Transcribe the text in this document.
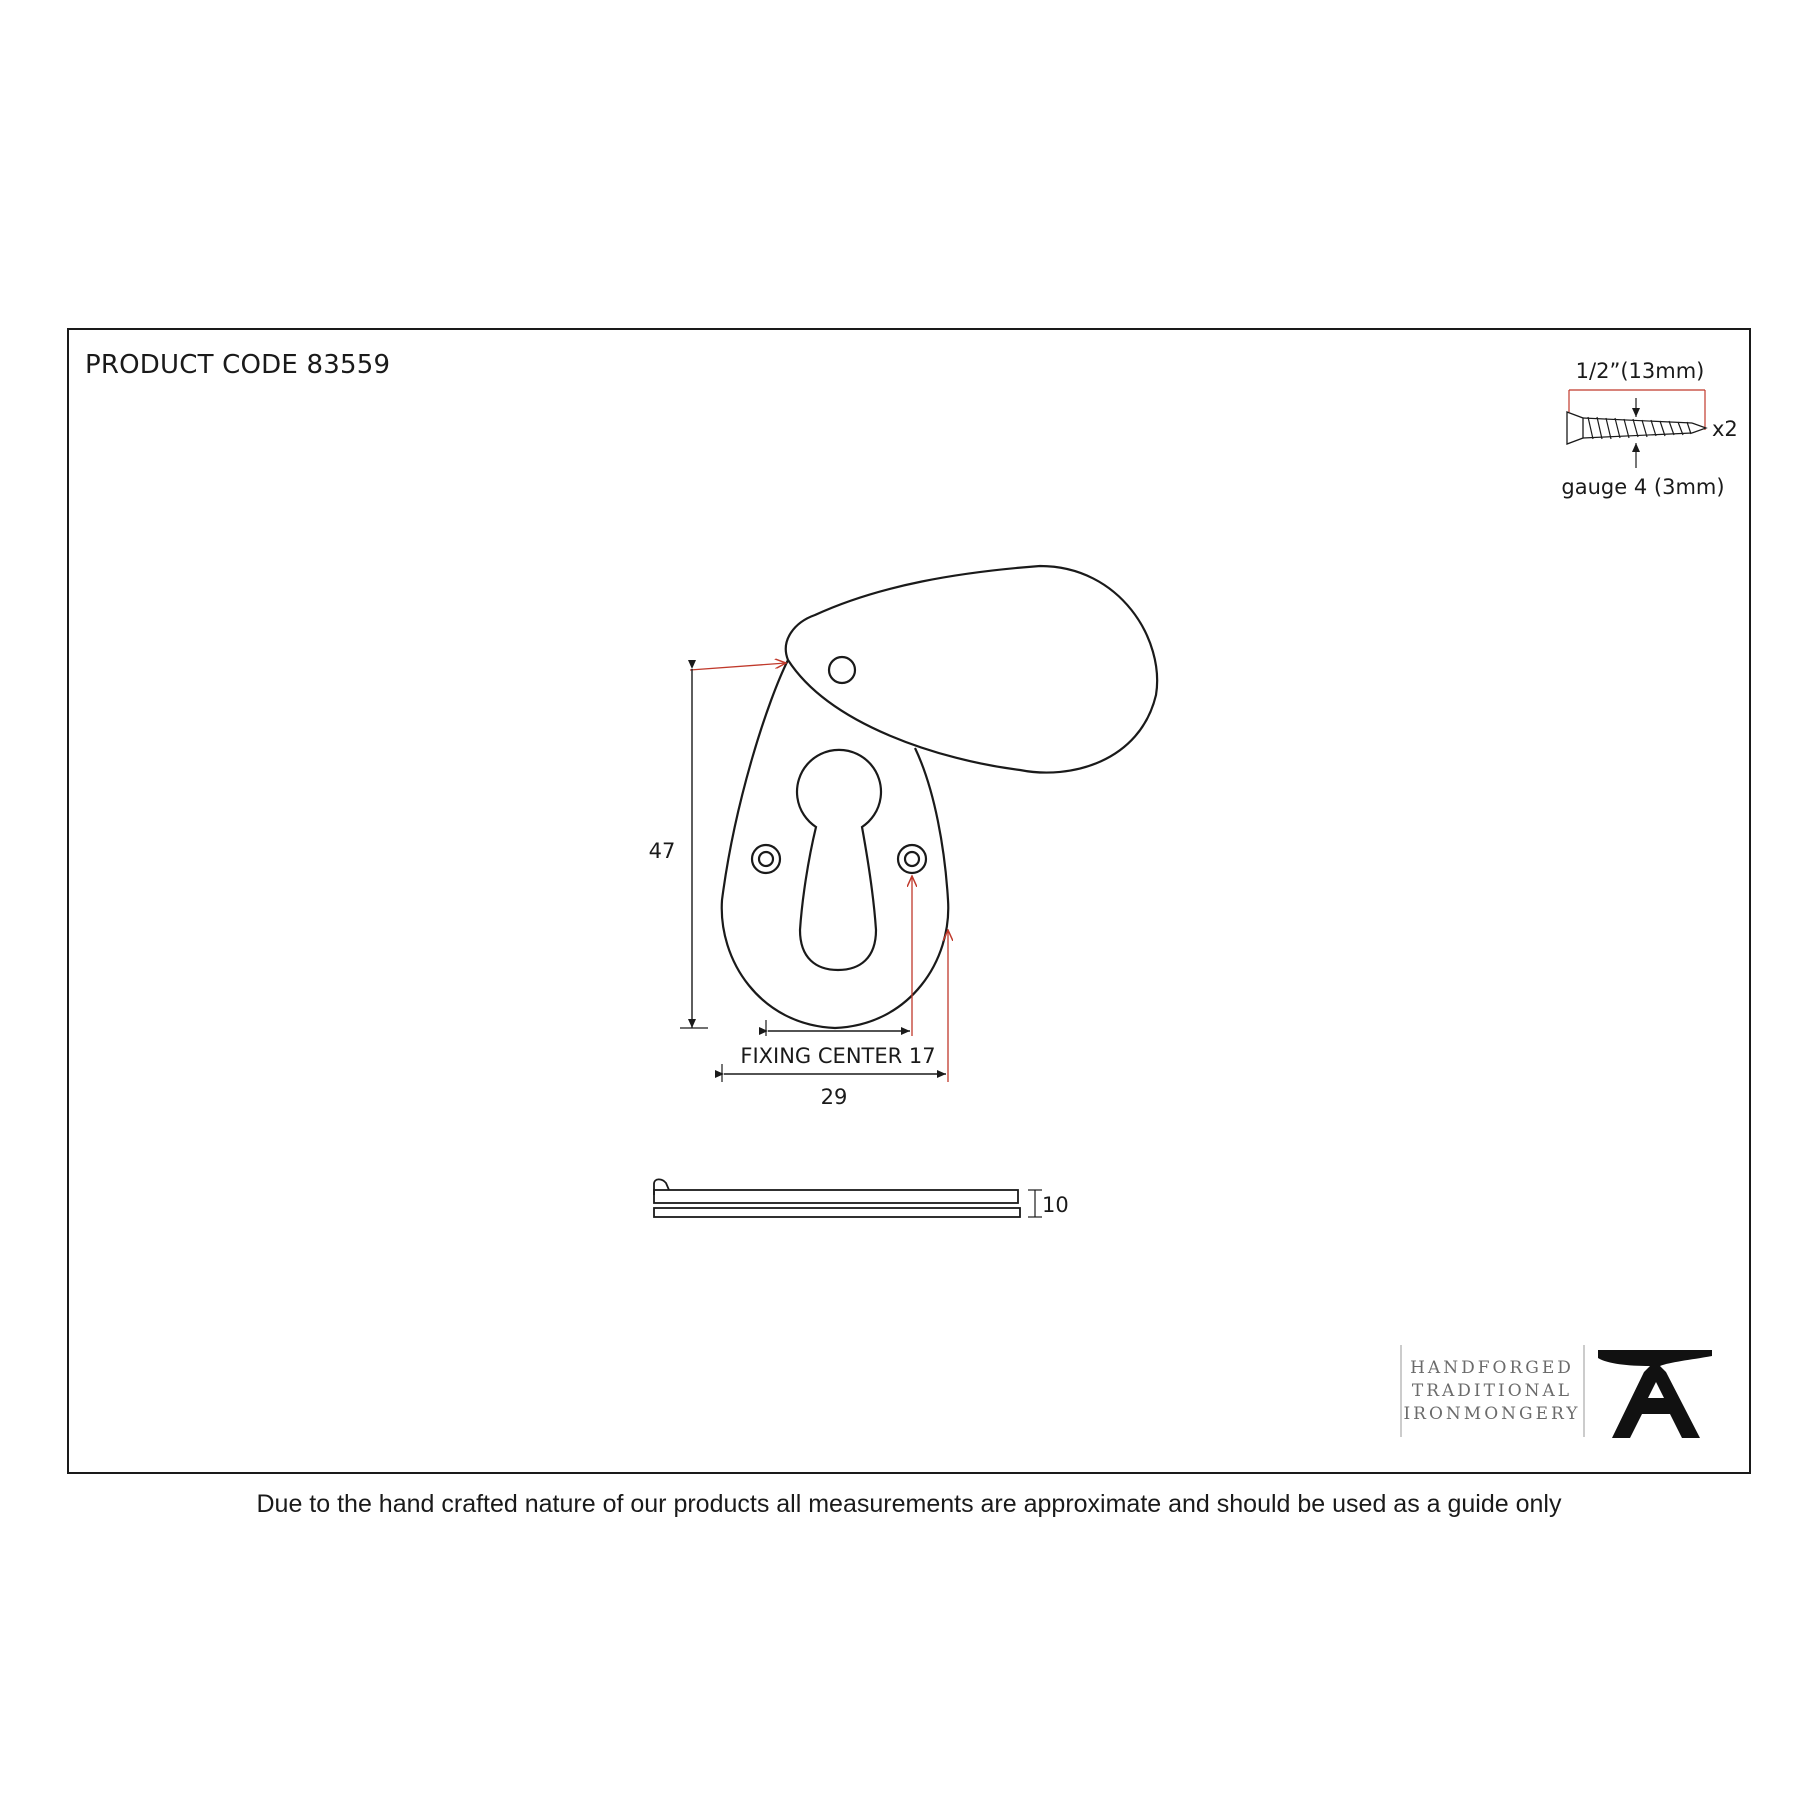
PRODUCT CODE 83559	1/2”(13mm)
x2
gauge 4 (3mm)
47
FIXING CENTER 17
29
10
HANDFORGED
TRADITIONAL
IRONMONGERY
Due to the hand crafted nature of our products all measurements are approximate and should be used as a guide only
